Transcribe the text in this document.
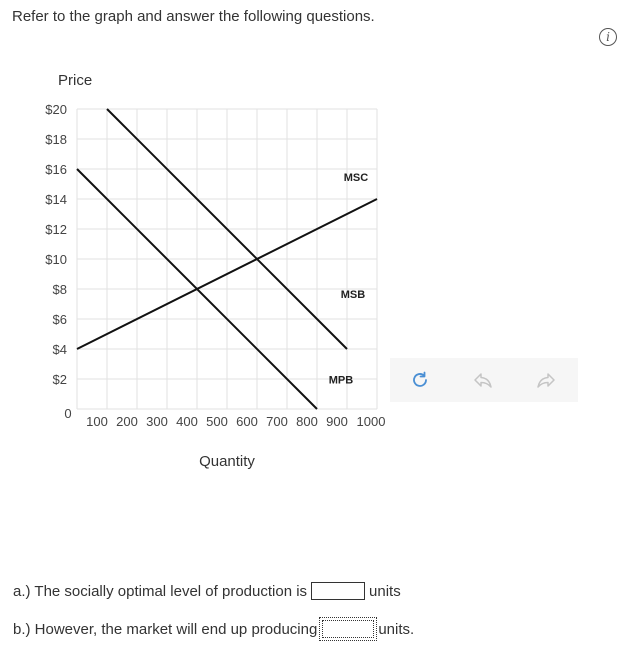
Refer to the graph and answer the following questions.

i
MSC
MSB
MPB
$2
$4
$6
$8
$10
$12
$14
$16
$18
$20
100 200 300 400 500 600 700 800 900 1000
0
Price
Quantity
a.) The socially optimal level of production is	units
b.) However, the market will end up producing	units.
